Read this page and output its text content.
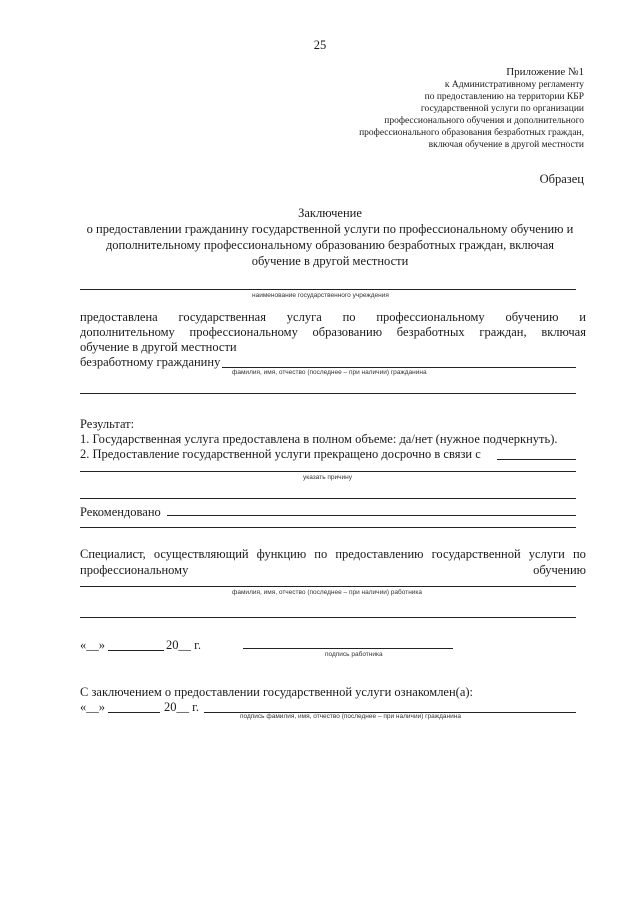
25
Приложение №1
к Административному регламенту
по предоставлению на территории КБР
государственной услуги по организации
профессионального обучения и дополнительного
профессионального образования безработных граждан,
включая обучение в другой местности
Образец
Заключение
о предоставлении гражданину государственной услуги по профессиональному обучению и
дополнительному профессиональному образованию безработных граждан, включая
обучение в другой местности
наименование государственного учреждения
предоставлена государственная услуга по профессиональному обучению и
дополнительному профессиональному образованию безработных граждан, включая
обучение в другой местности
безработному гражданину
фамилия, имя, отчество (последнее – при наличии) гражданина
Результат:
1. Государственная услуга предоставлена в полном объеме: да/нет (нужное подчеркнуть).
2. Предоставление государственной услуги прекращено досрочно в связи с
указать причину
Рекомендовано
Специалист, осуществляющий функцию по предоставлению государственной услуги по
профессиональному	обучению
фамилия, имя, отчество (последнее – при наличии) работника
«__»	20__ г.
подпись работника
С заключением о предоставлении государственной услуги ознакомлен(а):
«__»	20__ г.
подпись фамилия, имя, отчество (последнее – при наличии) гражданина
